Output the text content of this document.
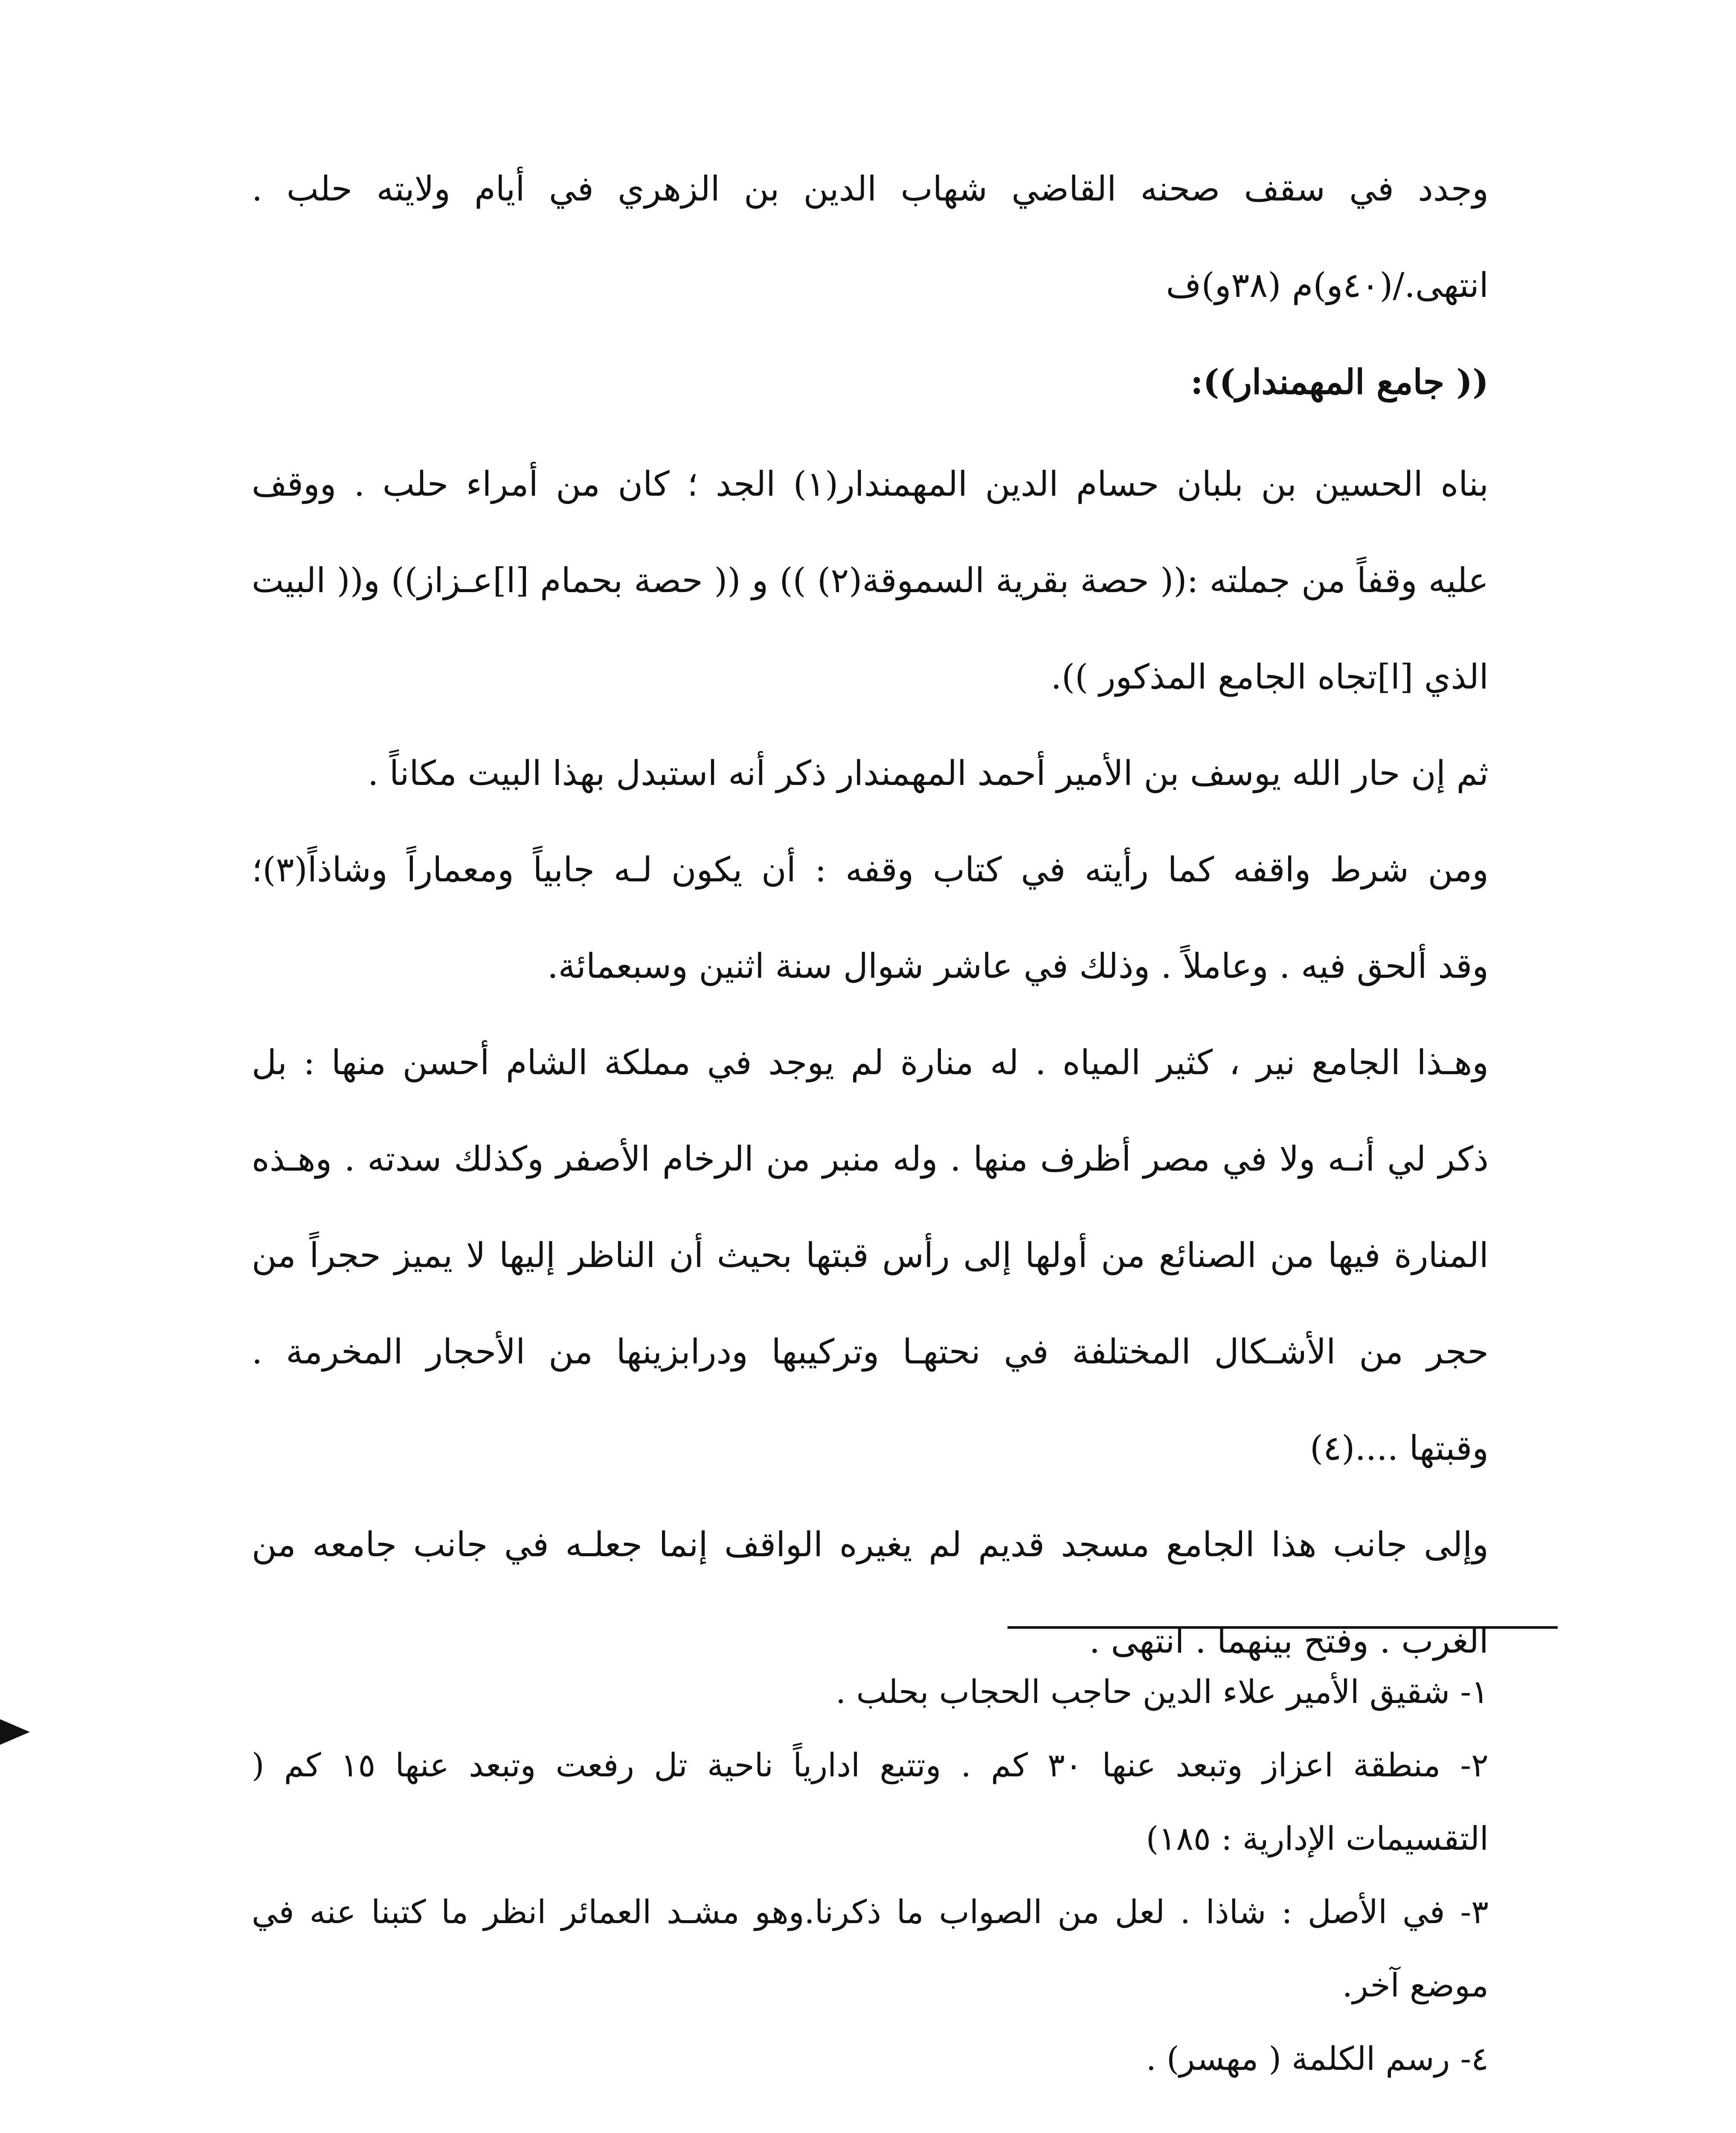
وجدد في سقف صحنه القاضي شهاب الدين بن الزهري في أيام ولايته حلب .
انتهى./(٤٠و)م (٣٨و)ف
(( جامع المهمندار)):
بناه الحسين بن بلبان حسام الدين المهمندار(١) الجد ؛ كان من أمراء حلب . ووقف
عليه وقفاً من جملته :(( حصة بقرية السموقة(٢) )) و (( حصة بحمام [ا]عـزاز)) و(( البيت
الذي [ا]تجاه الجامع المذكور )).
ثم إن حار الله يوسف بن الأمير أحمد المهمندار ذكر أنه استبدل بهذا البيت مكاناً .
ومن شرط واقفه كما رأيته في كتاب وقفه : أن يكون لـه جابياً ومعماراً وشاذاً(٣)؛
وقد ألحق فيه . وعاملاً . وذلك في عاشر شوال سنة اثنين وسبعمائة.
وهـذا الجامع نير ، كثير المياه . له منارة لم يوجد في مملكة الشام أحسن منها : بل
ذكر لي أنـه ولا في مصر أظرف منها . وله منبر من الرخام الأصفر وكذلك سدته . وهـذه
المنارة فيها من الصنائع من أولها إلى رأس قبتها بحيث أن الناظر إليها لا يميز حجراً من
حجر من الأشـكال المختلفة في نحتهـا وتركيبها ودرابزينها من الأحجار المخرمة .
وقبتها ....(٤)
وإلى جانب هذا الجامع مسجد قديم لم يغيره الواقف إنما جعلـه في جانب جامعه من
الغرب . وفتح بينهما . انتهى .
١- شقيق الأمير علاء الدين حاجب الحجاب بحلب .
٢- منطقة اعزاز وتبعد عنها ٣٠ كم . وتتبع ادارياً ناحية تل رفعت وتبعد عنها ١٥ كم (
التقسيمات الإدارية : ١٨٥)
٣- في الأصل : شاذا . لعل من الصواب ما ذكرنا.وهو مشـد العمائر انظر ما كتبنا عنه في
موضع آخر.
٤- رسم الكلمة ( مهسر) .
